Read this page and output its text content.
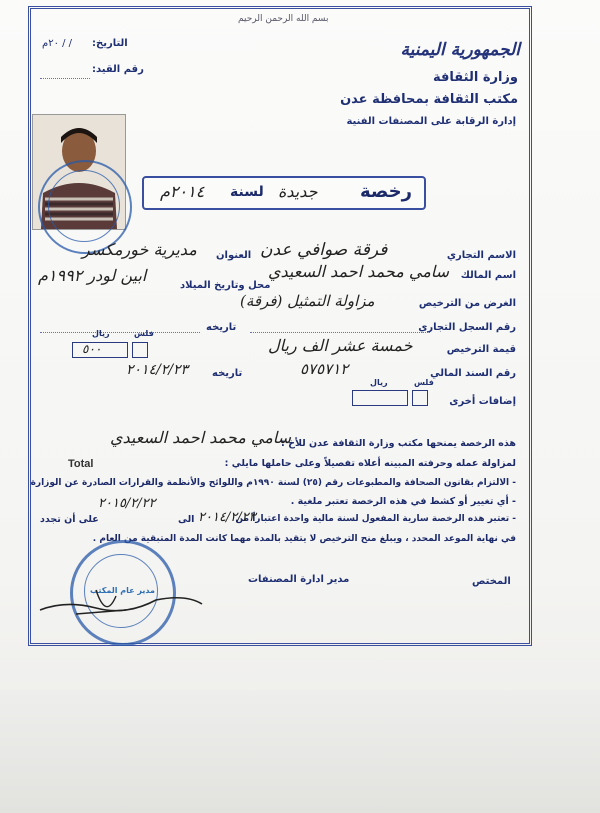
بسم الله الرحمن الرحيم
التاريخ:
/ / ٢٠م
رقم القيد:
الجمهورية اليمنية
وزارة الثقافة
مكتب الثقافة بمحافظة عدن
إدارة الرقابة على المصنفات الفنية
رخصة
جديدة
لسنة
٢٠١٤م
الاسم التجاري
فرقة صوافي عدن
العنوان
مديرية خورمكسر
اسم المالك
سامي محمد احمد السعيدي
محل وتاريخ الميلاد
ابين لودر ١٩٩٢م
الغرض من الترخيص
مزاولة التمثيل (فرقة)
رقم السجل التجاري
تاريخه
قيمة الترخيص
خمسة عشر الف ريال
ريال	فلس
٥٠٠
رقم السند المالي
٥٧٥٧١٢
تاريخه
٢٠١٤/٢/٢٣
ريال	فلس
إضافات أخرى
هذه الرخصة يمنحها مكتب وزارة الثقافة عدن للأخ :
سامي محمد احمد السعيدي
لمزاولة عمله وحرفته المبينه أعلاه تفصيلاً وعلى حاملها مايلي :
Total
- الالتزام بقانون الصحافة والمطبوعات رقم (٢٥) لسنة ١٩٩٠م واللوائح والأنظمة والقرارات الصادرة عن الوزارة
- أي تغيير أو كشط في هذه الرخصة تعتبر ملغية .
- تعتبر هذه الرخصة سارية المفعول لسنة مالية واحدة اعتباراً من
٢٠١٤/٢/٢٣
الى
٢٠١٥/٢/٢٢
على أن تجدد
في نهاية الموعد المحدد ، ويبلغ منح الترخيص لا يتقيد بالمدة مهما كانت المدة المتبقية من العام .
المختص
مدير ادارة المصنفات
مدير عام المكتب
